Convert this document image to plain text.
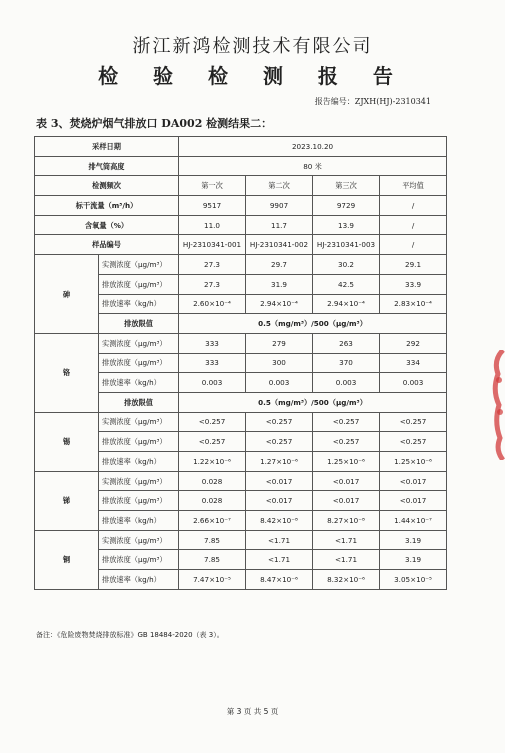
浙江新鸿检测技术有限公司
检 验 检 测 报 告
报告编号：ZJXH(HJ)-2310341
表 3、焚烧炉烟气排放口 DA002 检测结果二：
采样日期		2023.10.20			
排气筒高度		80 米			
检测频次		第一次	第二次	第三次	平均值
标干流量（m³/h）		9517	9907	9729	/
含氧量（%）		11.0	11.7	13.9	/
样品编号		HJ-2310341-001	HJ-2310341-002	HJ-2310341-003	/
砷	实测浓度（μg/m³）	27.3	29.7	30.2	29.1
	排放浓度（μg/m³）	27.3	31.9	42.5	33.9
	排放速率（kg/h）	2.60×10⁻⁴	2.94×10⁻⁴	2.94×10⁻⁴	2.83×10⁻⁴
	排放限值	0.5（mg/m³）/500（μg/m³）			
铬	实测浓度（μg/m³）	333	279	263	292
	排放浓度（μg/m³）	333	300	370	334
	排放速率（kg/h）	0.003	0.003	0.003	0.003
	排放限值	0.5（mg/m³）/500（μg/m³）			
锡	实测浓度（μg/m³）	<0.257	<0.257	<0.257	<0.257
	排放浓度（μg/m³）	<0.257	<0.257	<0.257	<0.257
	排放速率（kg/h）	1.22×10⁻⁶	1.27×10⁻⁶	1.25×10⁻⁶	1.25×10⁻⁶
锑	实测浓度（μg/m³）	0.028	<0.017	<0.017	<0.017
	排放浓度（μg/m³）	0.028	<0.017	<0.017	<0.017
	排放速率（kg/h）	2.66×10⁻⁷	8.42×10⁻⁸	8.27×10⁻⁸	1.44×10⁻⁷
铜	实测浓度（μg/m³）	7.85	<1.71	<1.71	3.19
	排放浓度（μg/m³）	7.85	<1.71	<1.71	3.19
	排放速率（kg/h）	7.47×10⁻⁵	8.47×10⁻⁶	8.32×10⁻⁶	3.05×10⁻⁵
备注：《危险废物焚烧排放标准》GB 18484-2020（表 3）。
第 3 页 共 5 页
